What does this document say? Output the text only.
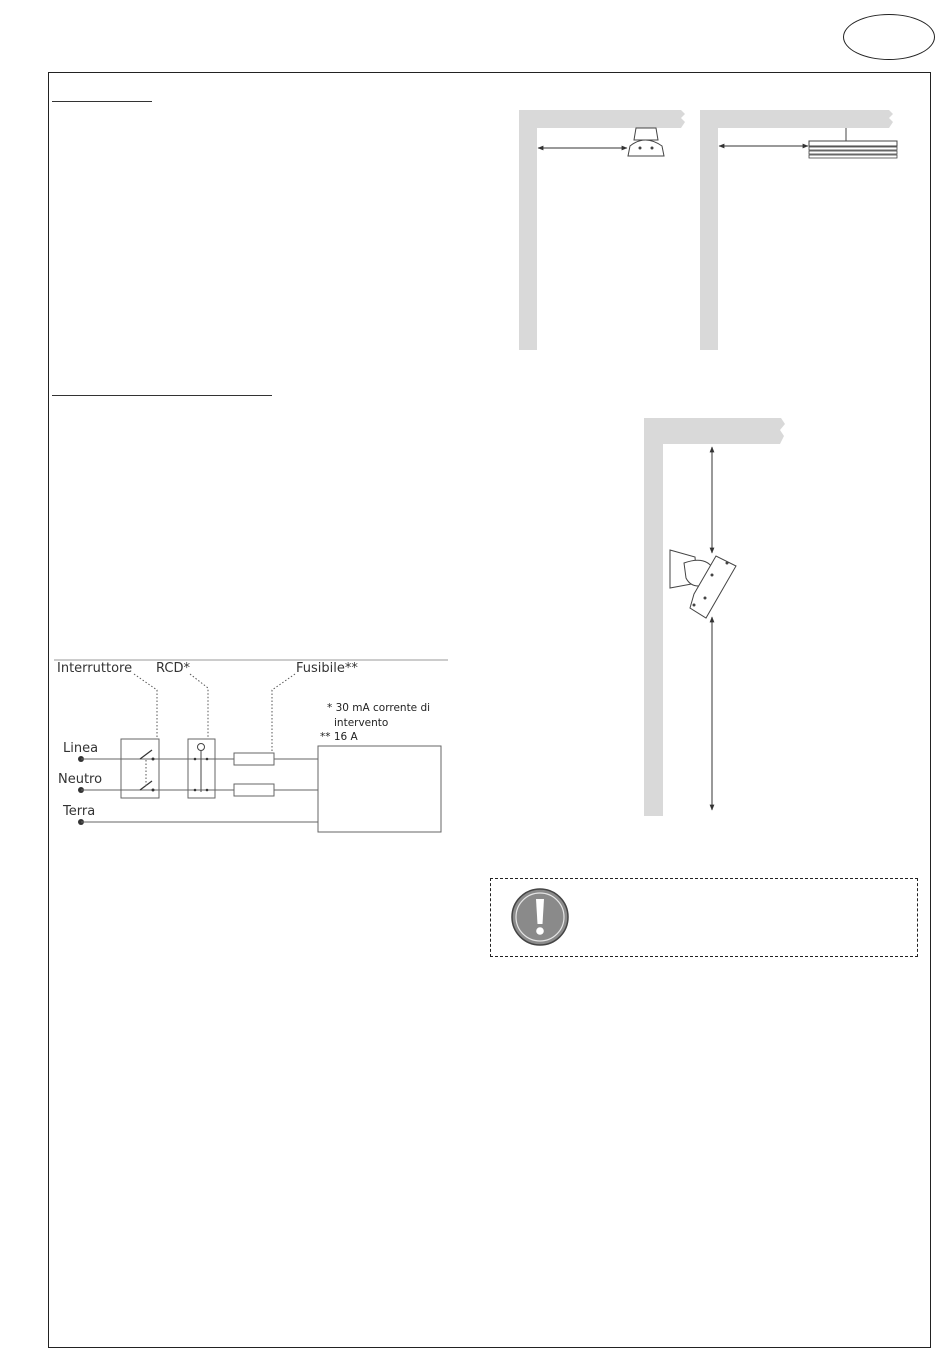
Interruttore RCD*	Fusibile**
* 30 mA corrente di
intervento
** 16 A
Linea
Neutro
Terra
